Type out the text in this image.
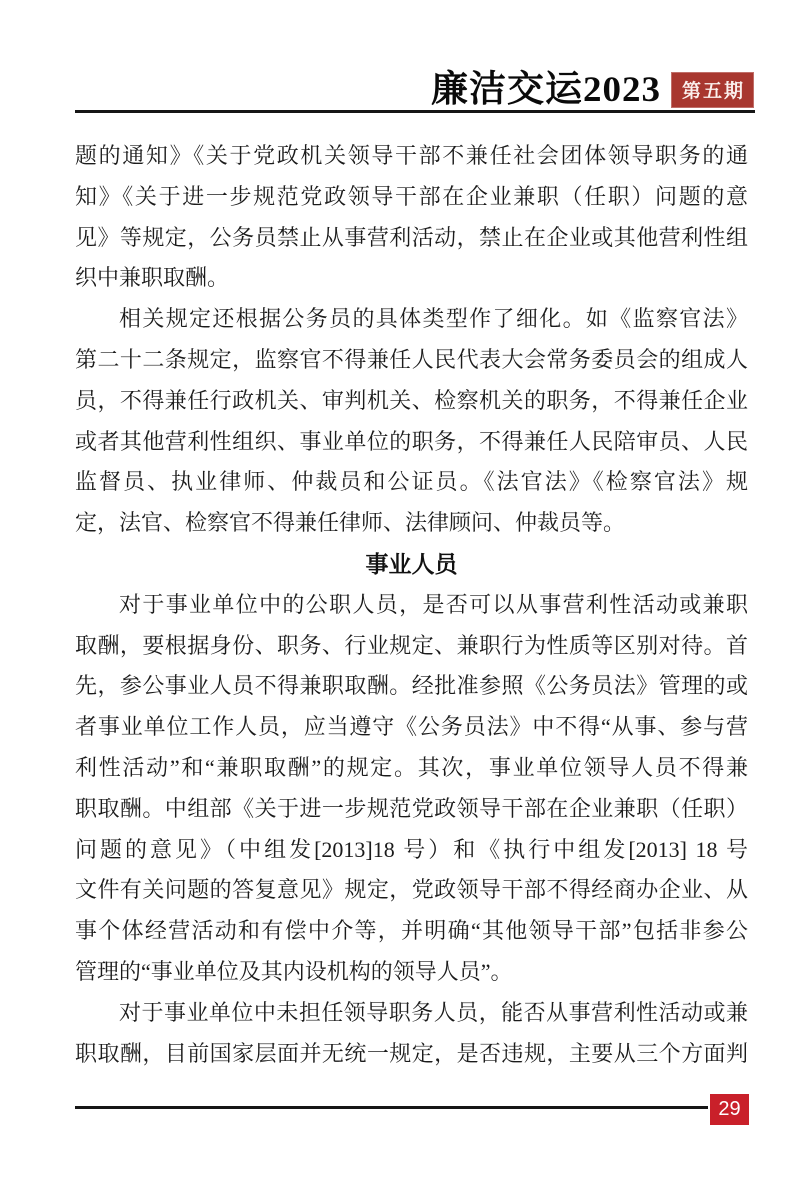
廉洁交运2023	第五期
题的通知》《关于党政机关领导干部不兼任社会团体领导职务的通
知》《关于进一步规范党政领导干部在企业兼职（任职）问题的意
见》等规定，公务员禁止从事营利活动，禁止在企业或其他营利性组
织中兼职取酬。
相关规定还根据公务员的具体类型作了细化。如《监察官法》
第二十二条规定，监察官不得兼任人民代表大会常务委员会的组成人
员，不得兼任行政机关、审判机关、检察机关的职务，不得兼任企业
或者其他营利性组织、事业单位的职务，不得兼任人民陪审员、人民
监督员、执业律师、仲裁员和公证员。《法官法》《检察官法》规
定，法官、检察官不得兼任律师、法律顾问、仲裁员等。
事业人员
对于事业单位中的公职人员，是否可以从事营利性活动或兼职
取酬，要根据身份、职务、行业规定、兼职行为性质等区别对待。首
先，参公事业人员不得兼职取酬。经批准参照《公务员法》管理的或
者事业单位工作人员，应当遵守《公务员法》中不得“从事、参与营
利性活动”和“兼职取酬”的规定。其次，事业单位领导人员不得兼
职取酬。中组部《关于进一步规范党政领导干部在企业兼职（任职）
问题的意见》（中组发[2013]18 号）和《执行中组发[2013] 18 号
文件有关问题的答复意见》规定，党政领导干部不得经商办企业、从
事个体经营活动和有偿中介等，并明确“其他领导干部”包括非参公
管理的“事业单位及其内设机构的领导人员”。
对于事业单位中未担任领导职务人员，能否从事营利性活动或兼
职取酬，目前国家层面并无统一规定，是否违规，主要从三个方面判
29
